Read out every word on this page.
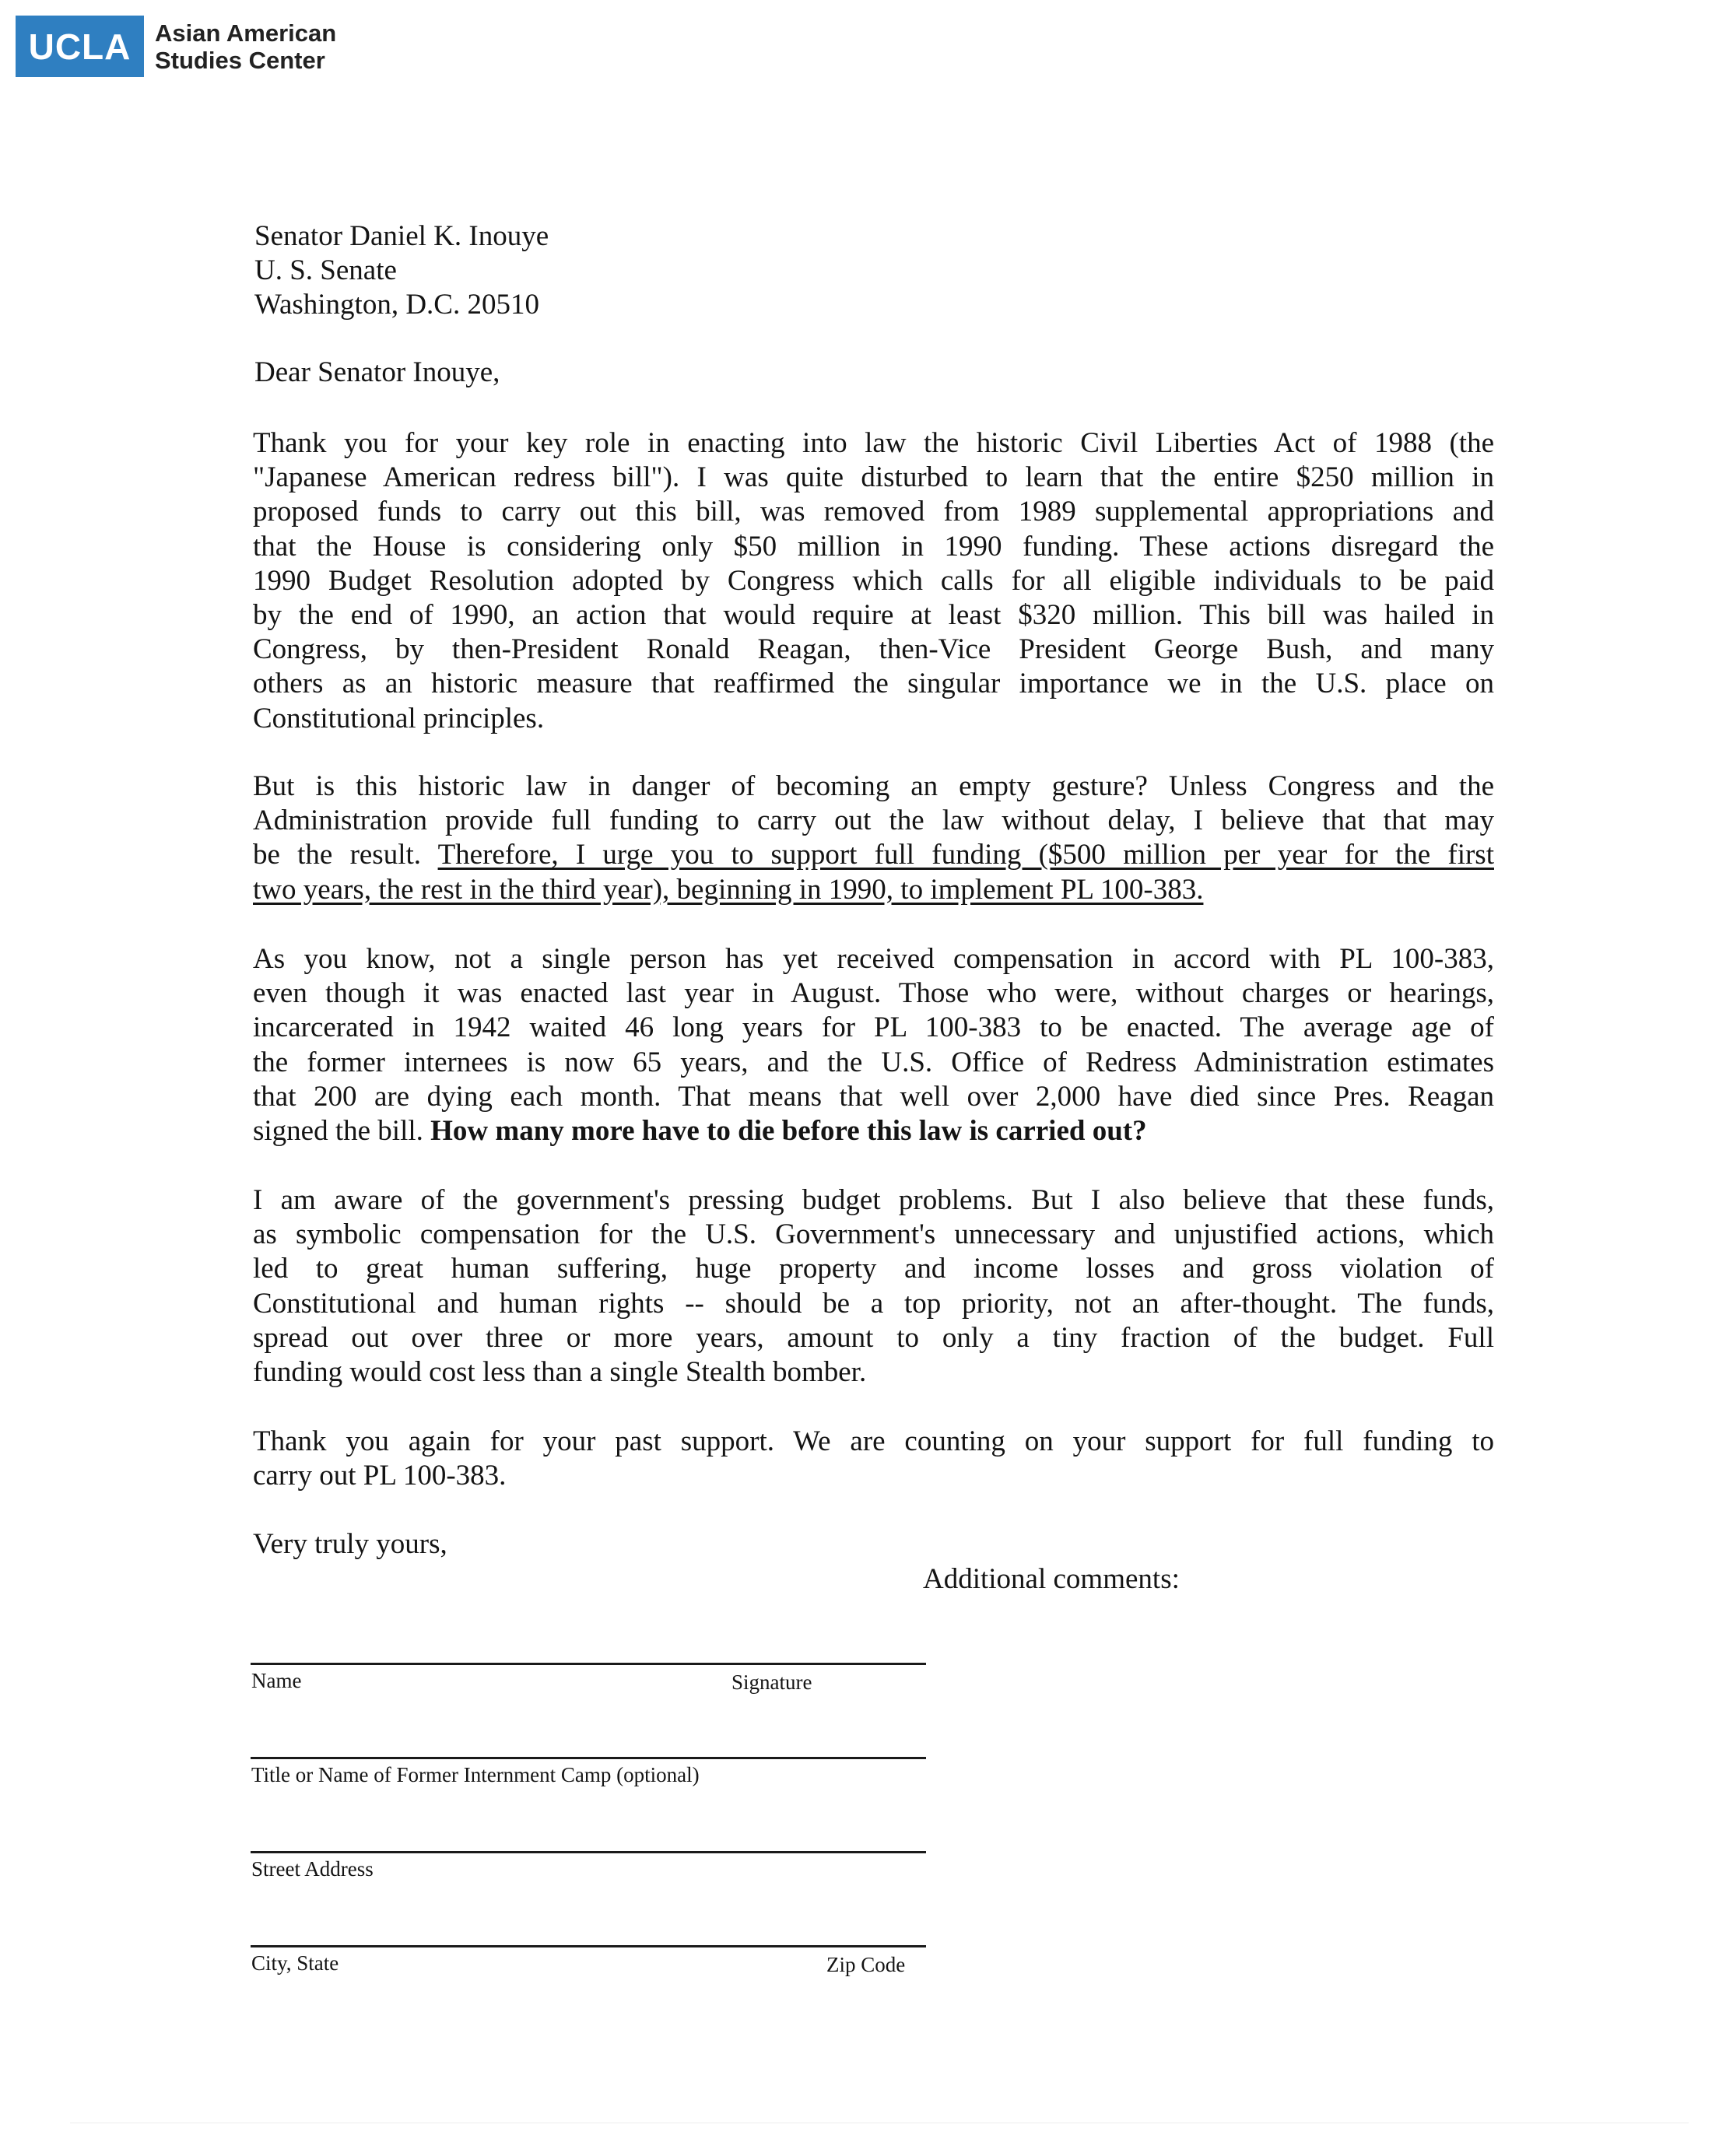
UCLA Asian American
Studies Center
Senator Daniel K. Inouye
U. S. Senate
Washington, D.C. 20510
Dear Senator Inouye,
Thank you for your key role in enacting into law the historic Civil Liberties Act of 1988 (the
"Japanese American redress bill"). I was quite disturbed to learn that the entire $250 million in
proposed funds to carry out this bill, was removed from 1989 supplemental appropriations and
that the House is considering only $50 million in 1990 funding. These actions disregard the
1990 Budget Resolution adopted by Congress which calls for all eligible individuals to be paid
by the end of 1990, an action that would require at least $320 million. This bill was hailed in
Congress, by then-President Ronald Reagan, then-Vice President George Bush, and many
others as an historic measure that reaffirmed the singular importance we in the U.S. place on
Constitutional principles.
But is this historic law in danger of becoming an empty gesture? Unless Congress and the
Administration provide full funding to carry out the law without delay, I believe that that may
be the result. Therefore, I urge you to support full funding ($500 million per year for the first
two years, the rest in the third year), beginning in 1990, to implement PL 100-383.
As you know, not a single person has yet received compensation in accord with PL 100-383,
even though it was enacted last year in August. Those who were, without charges or hearings,
incarcerated in 1942 waited 46 long years for PL 100-383 to be enacted. The average age of
the former internees is now 65 years, and the U.S. Office of Redress Administration estimates
that 200 are dying each month. That means that well over 2,000 have died since Pres. Reagan
signed the bill. How many more have to die before this law is carried out?
I am aware of the government's pressing budget problems. But I also believe that these funds,
as symbolic compensation for the U.S. Government's unnecessary and unjustified actions, which
led to great human suffering, huge property and income losses and gross violation of
Constitutional and human rights -- should be a top priority, not an after-thought. The funds,
spread out over three or more years, amount to only a tiny fraction of the budget. Full
funding would cost less than a single Stealth bomber.
Thank you again for your past support. We are counting on your support for full funding to
carry out PL 100-383.
Very truly yours,
Additional comments:
Name	Signature
Title or Name of Former Internment Camp (optional)
Street Address
City, State	Zip Code
